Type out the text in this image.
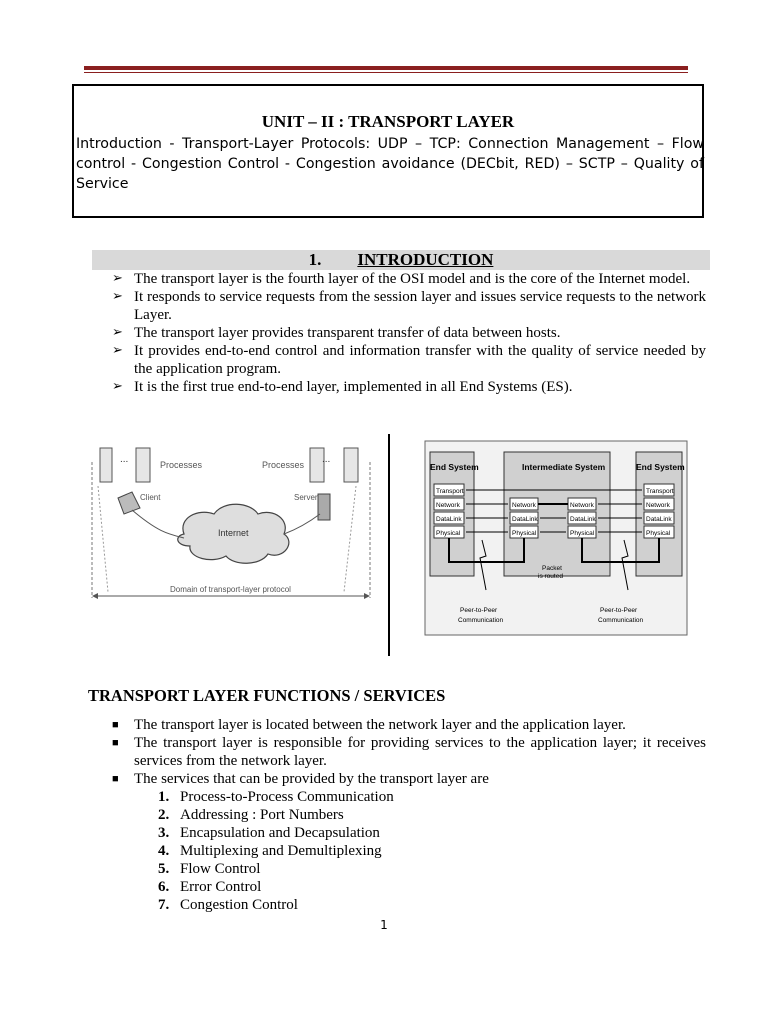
UNIT – II : TRANSPORT LAYER
Introduction - Transport-Layer Protocols: UDP – TCP: Connection Management – Flow control - Congestion Control - Congestion avoidance (DECbit, RED) – SCTP – Quality of Service
1. INTRODUCTION
➢ The transport layer is the fourth layer of the OSI model and is the core of the Internet model.
➢ It responds to service requests from the session layer and issues service requests to the network Layer.
➢ The transport layer provides transparent transfer of data between hosts.
➢ It provides end-to-end control and information transfer with the quality of service needed by the application program.
➢ It is the first true end-to-end layer, implemented in all End Systems (ES).
...	Processes	...
Processes
Client	Server
Internet
Domain of transport-layer protocol
End System	Intermediate System	End System
Transport
Network
DataLink
Physical
Transport
Network
DataLink
Physical
Network
DataLink
Physical
Network
DataLink
Physical
Packet
is routed
Peer-to-Peer
Communication
Peer-to-Peer
Communication
TRANSPORT LAYER FUNCTIONS / SERVICES
■ The transport layer is located between the network layer and the application layer.
■ The transport layer is responsible for providing services to the application layer; it receives services from the network layer.
■ The services that can be provided by the transport layer are
1. Process-to-Process Communication
2. Addressing : Port Numbers
3. Encapsulation and Decapsulation
4. Multiplexing and Demultiplexing
5. Flow Control
6. Error Control
7. Congestion Control
1
